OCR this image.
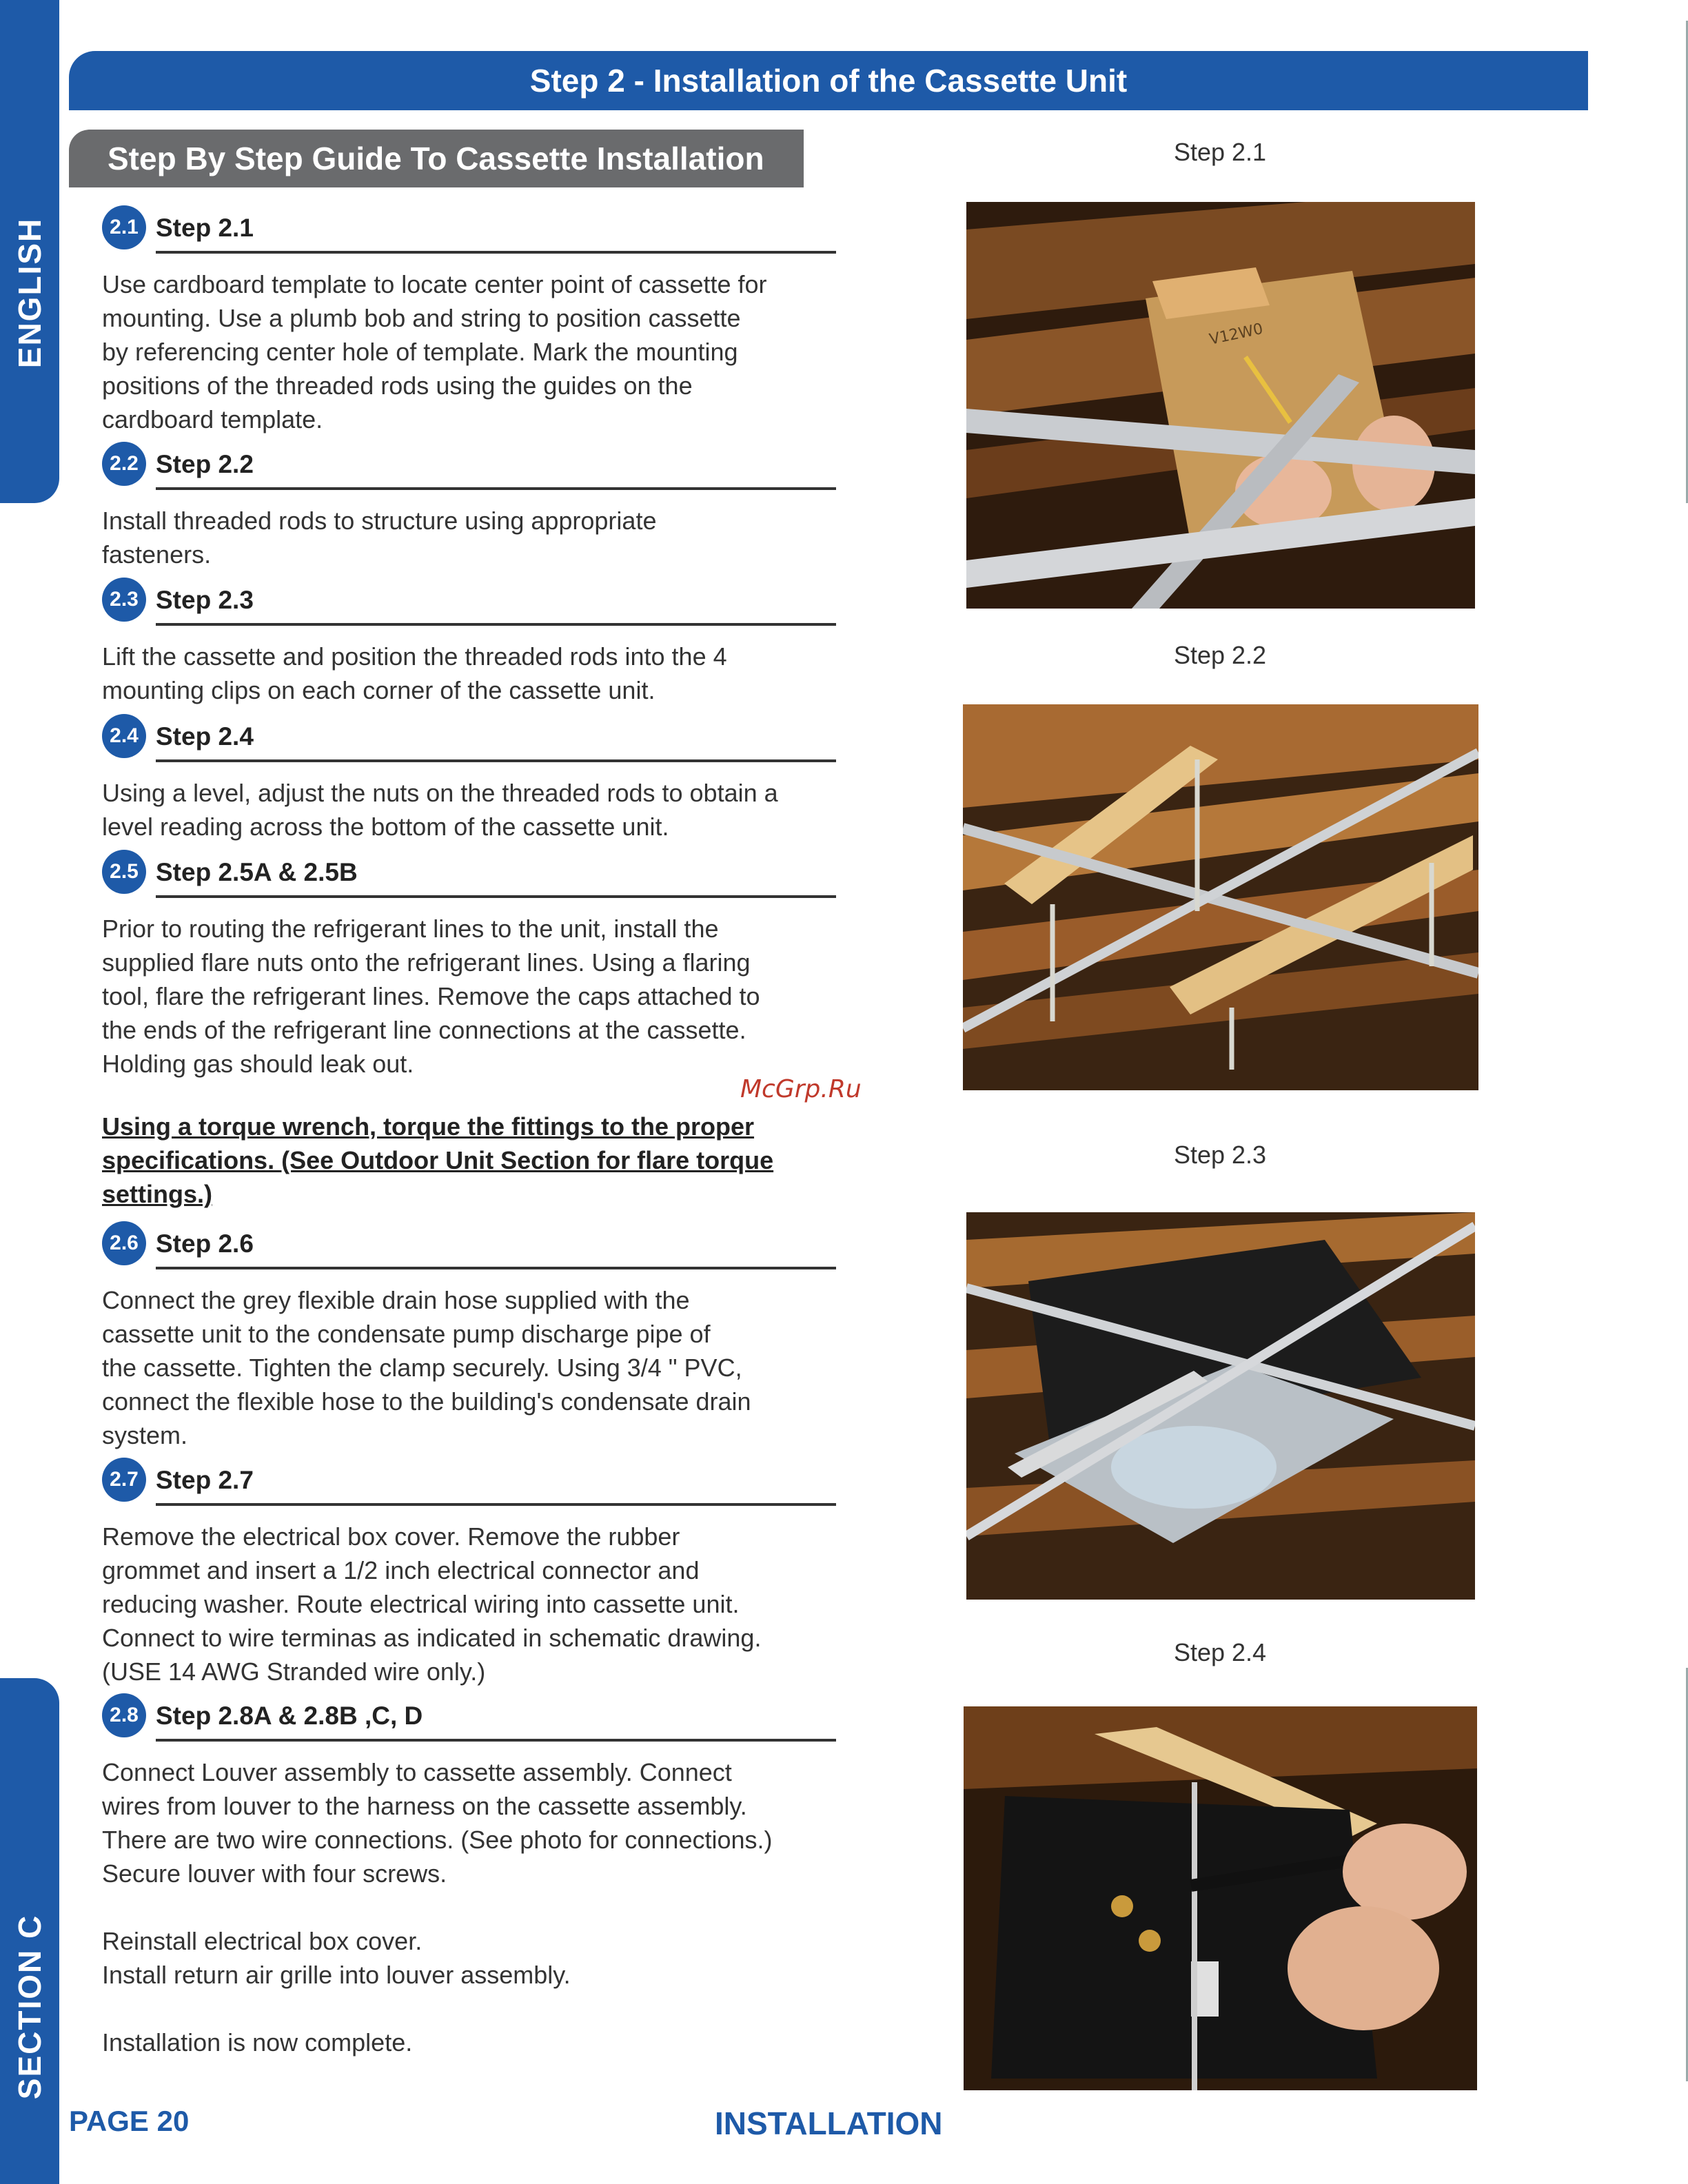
ENGLISH
SECTION C
Step 2 - Installation of the Cassette Unit
Step By Step Guide To Cassette Installation
2.1 Step 2.1
Use cardboard template to locate center point of cassette for
mounting. Use a plumb bob and string to position cassette
by referencing center hole of template. Mark the mounting
positions of the threaded rods using the guides on the
cardboard template.
2.2 Step 2.2
Install threaded rods to structure using appropriate
fasteners.
2.3 Step 2.3
Lift the cassette and position the threaded rods into the 4
mounting clips on each corner of the cassette unit.
2.4 Step 2.4
Using a level, adjust the nuts on the threaded rods to obtain a
level reading across the bottom of the cassette unit.
2.5 Step 2.5A & 2.5B
Prior to routing the refrigerant lines to the unit, install the
supplied flare nuts onto the refrigerant lines. Using a flaring
tool, flare the refrigerant lines. Remove the caps attached to
the ends of the refrigerant line connections at the cassette.
Holding gas should leak out.
Using a torque wrench, torque the fittings to the proper specifications. (See Outdoor Unit Section for flare torque settings.)
2.6 Step 2.6
Connect the grey flexible drain hose supplied with the
cassette unit to the condensate pump discharge pipe of
the cassette. Tighten the clamp securely. Using 3/4 " PVC,
connect the flexible hose to the building's condensate drain
system.
2.7 Step 2.7
Remove the electrical box cover. Remove the rubber
grommet and insert a 1/2 inch electrical connector and
reducing washer. Route electrical wiring into cassette unit.
Connect to wire terminas as indicated in schematic drawing.
(USE 14 AWG Stranded wire only.)
2.8 Step 2.8A & 2.8B ,C, D
Connect Louver assembly to cassette assembly. Connect
wires from louver to the harness on the cassette assembly.
There are two wire connections. (See photo for connections.)
Secure louver with four screws.

Reinstall electrical box cover.
Install return air grille into louver assembly.

Installation is now complete.
McGrp.Ru
Step 2.1
V12W0
Step 2.2
Step 2.3
Step 2.4
PAGE 20	INSTALLATION
